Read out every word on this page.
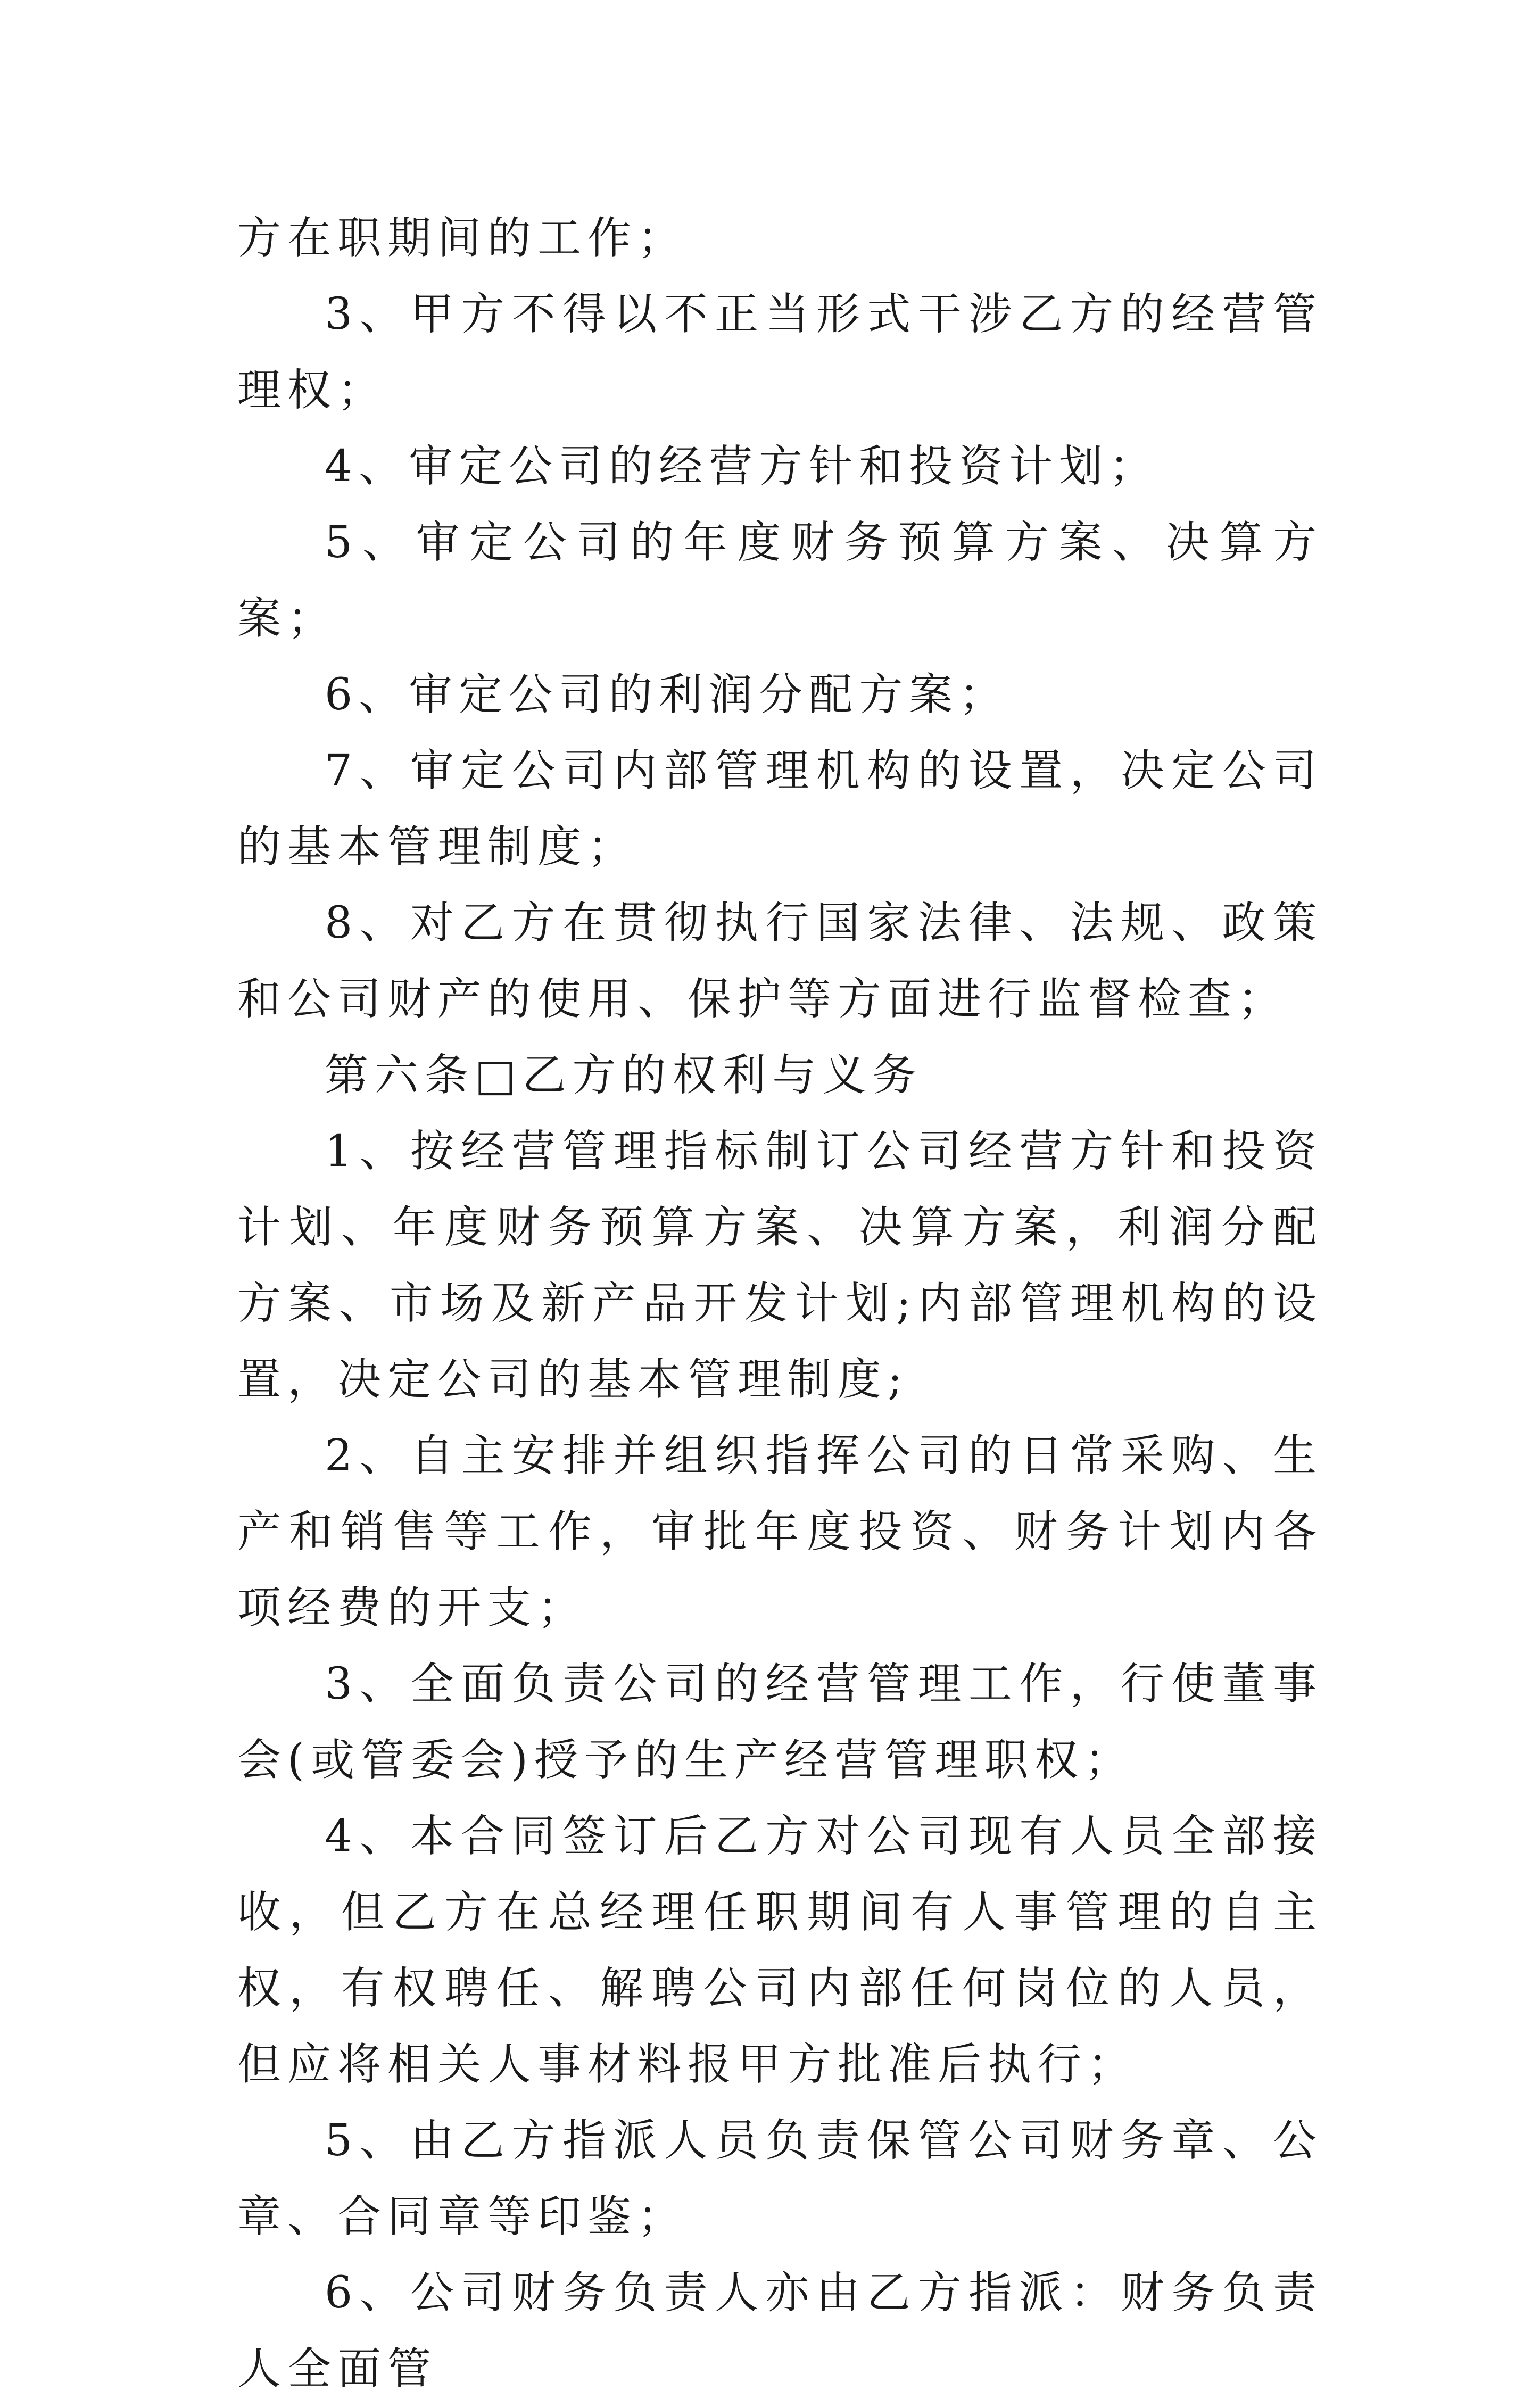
方在职期间的工作；

3、甲方不得以不正当形式干涉乙方的经营管理权；

4、审定公司的经营方针和投资计划；

5、审定公司的年度财务预算方案、决算方案；

6、审定公司的利润分配方案；

7、审定公司内部管理机构的设置，决定公司的基本管理制度；

8、对乙方在贯彻执行国家法律、法规、政策和公司财产的使用、保护等方面进行监督检查；

第六条□乙方的权利与义务

1、按经营管理指标制订公司经营方针和投资计划、年度财务预算方案、决算方案，利润分配方案、市场及新产品开发计划;内部管理机构的设置，决定公司的基本管理制度;

2、自主安排并组织指挥公司的日常采购、生产和销售等工作，审批年度投资、财务计划内各项经费的开支；

3、全面负责公司的经营管理工作，行使董事会(或管委会)授予的生产经营管理职权；

4、本合同签订后乙方对公司现有人员全部接收，但乙方在总经理任职期间有人事管理的自主权，有权聘任、解聘公司内部任何岗位的人员，但应将相关人事材料报甲方批准后执行；

5、由乙方指派人员负责保管公司财务章、公章、合同章等印鉴；

6、公司财务负责人亦由乙方指派：财务负责人全面管
